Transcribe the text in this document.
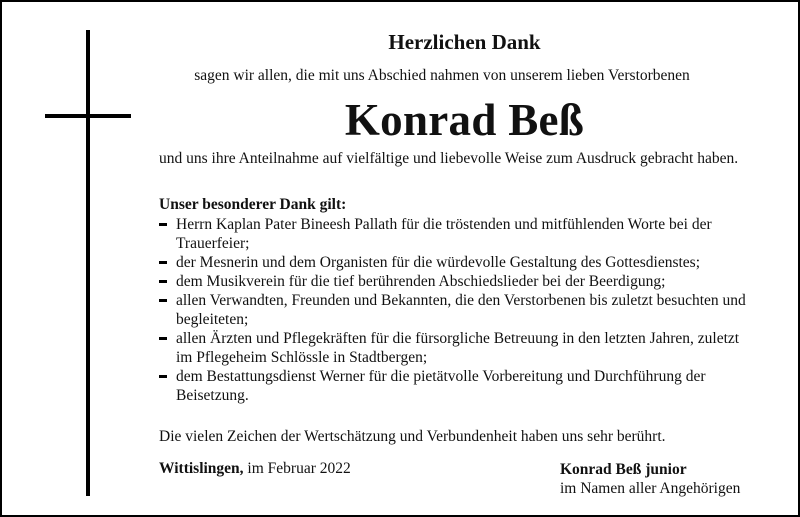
Herzlichen Dank
sagen wir allen, die mit uns Abschied nahmen von unserem lieben Verstorbenen
Konrad Beß
und uns ihre Anteilnahme auf vielfältige und liebevolle Weise zum Ausdruck gebracht haben.
Unser besonderer Dank gilt:
Herrn Kaplan Pater Bineesh Pallath für die tröstenden und mitfühlenden Worte bei der Trauerfeier;
der Mesnerin und dem Organisten für die würdevolle Gestaltung des Gottesdienstes;
dem Musikverein für die tief berührenden Abschiedslieder bei der Beerdigung;
allen Verwandten, Freunden und Bekannten, die den Verstorbenen bis zuletzt besuchten und begleiteten;
allen Ärzten und Pflegekräften für die fürsorgliche Betreuung in den letzten Jahren, zuletzt im Pflegeheim Schlössle in Stadtbergen;
dem Bestattungsdienst Werner für die pietätvolle Vorbereitung und Durchführung der Beisetzung.
Die vielen Zeichen der Wertschätzung und Verbundenheit haben uns sehr berührt.
Wittislingen, im Februar 2022	Konrad Beß junior
im Namen aller Angehörigen
